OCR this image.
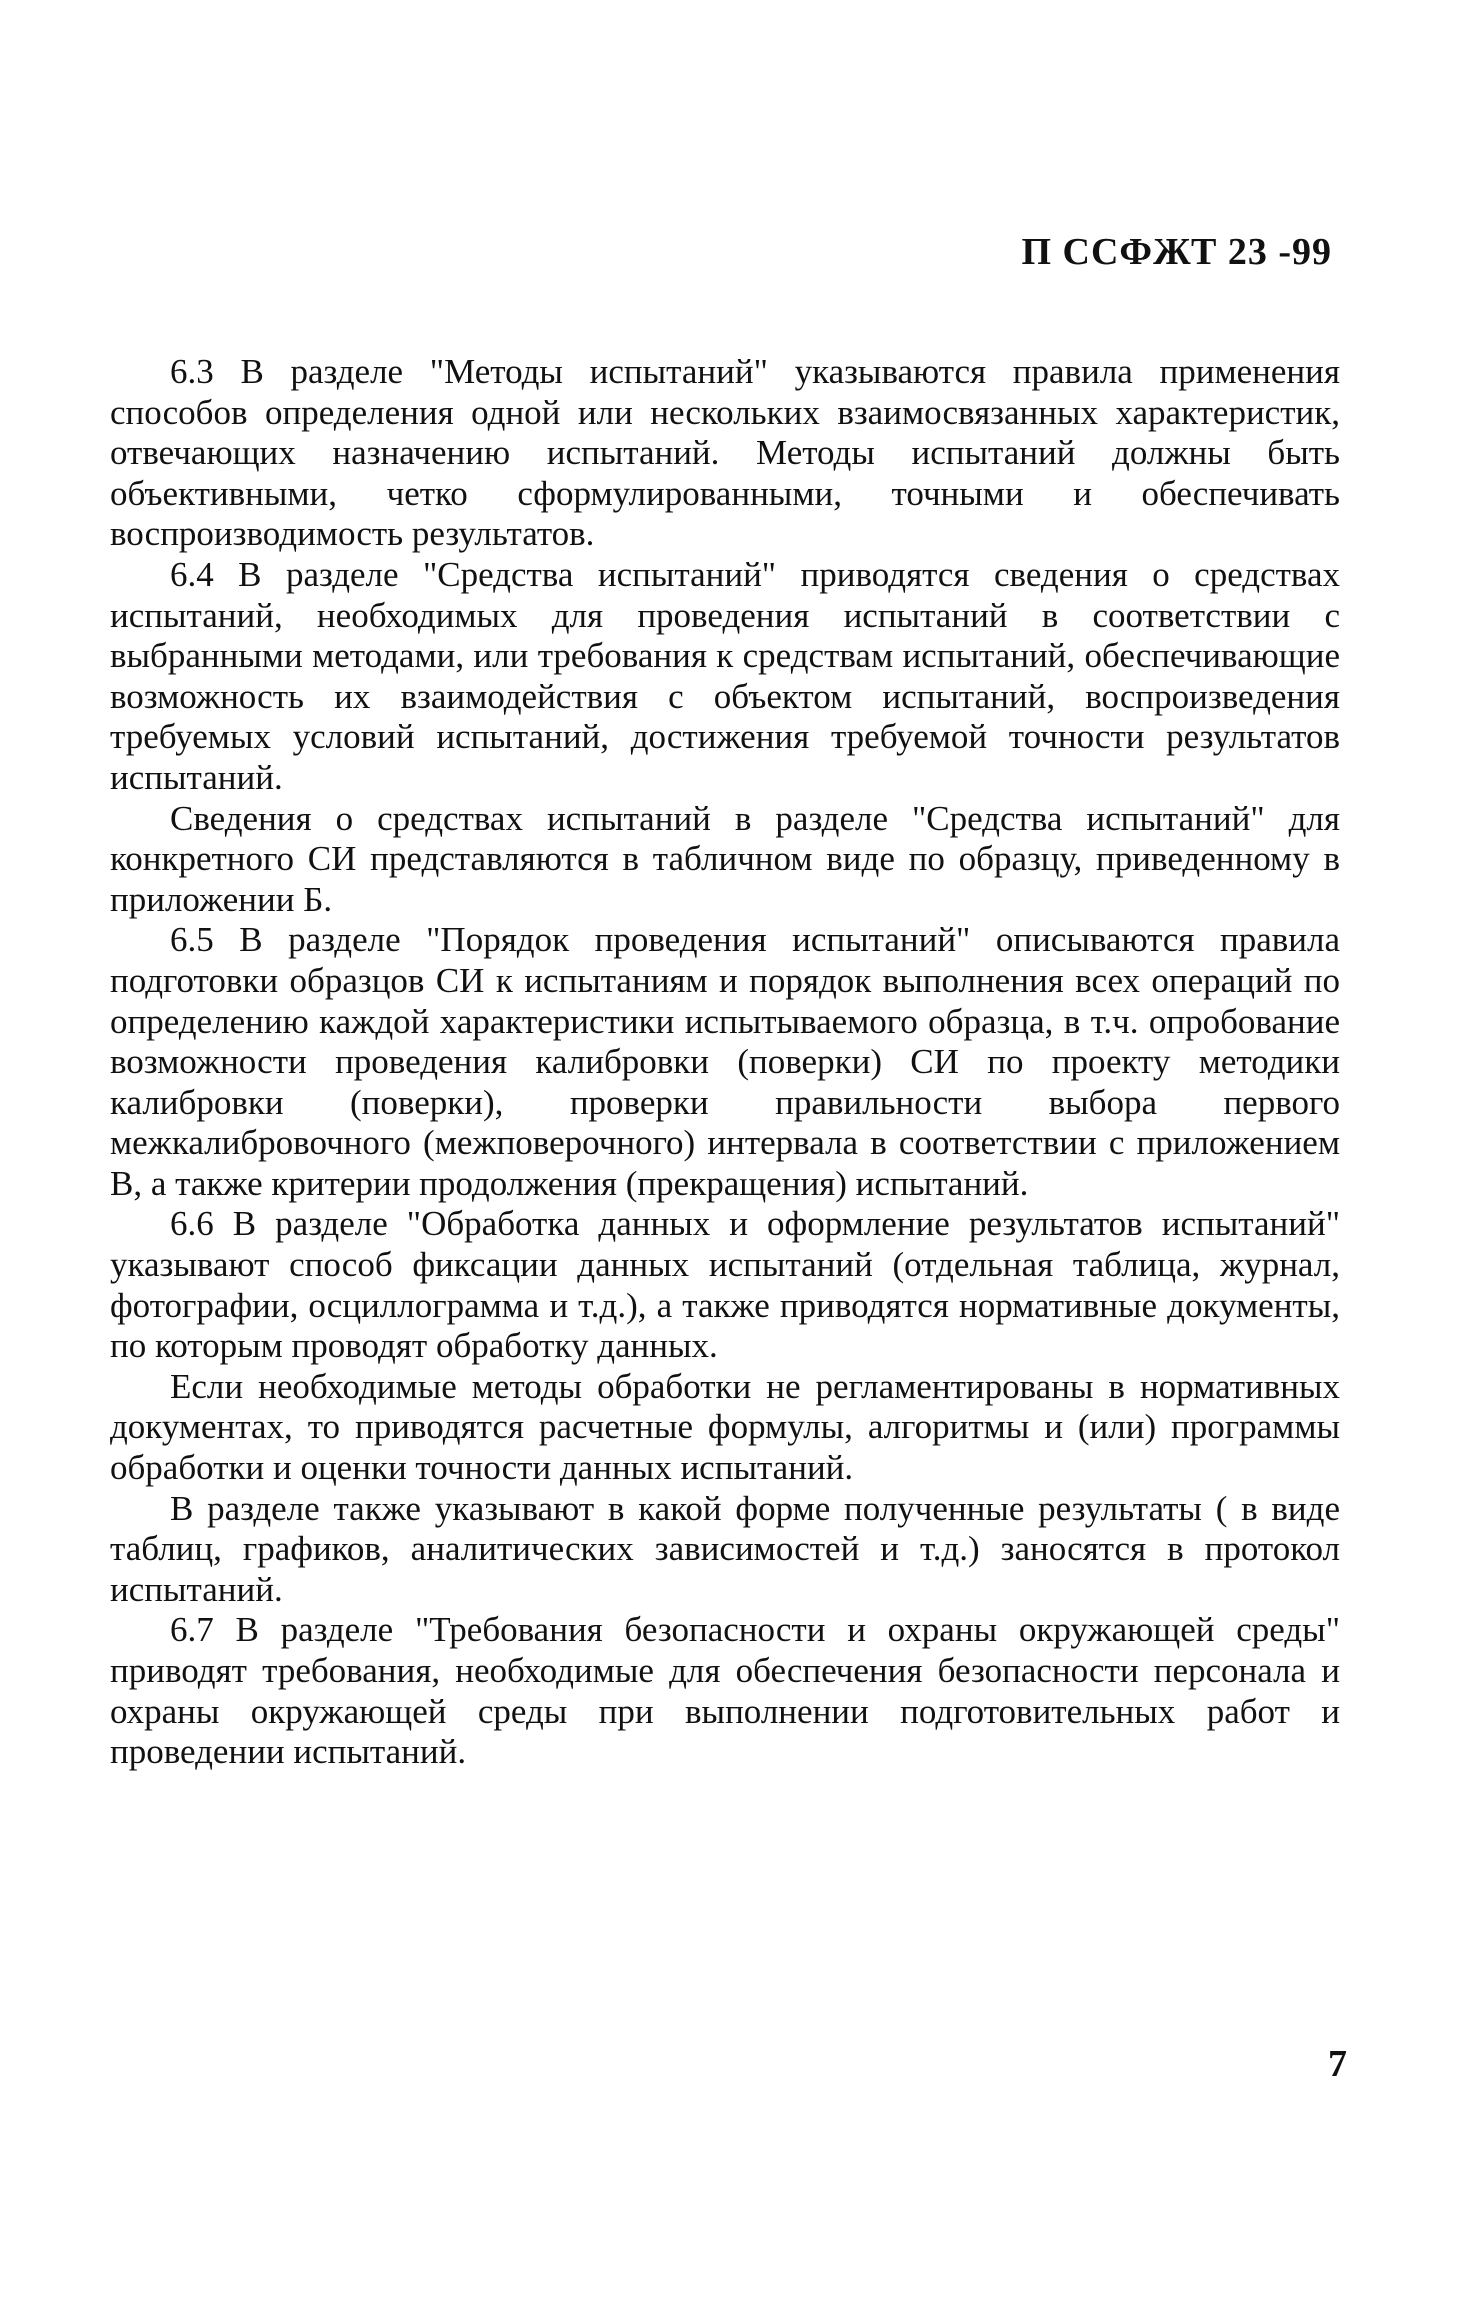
П ССФЖТ 23 -99

6.3 В разделе "Методы испытаний" указываются правила применения способов определения одной или нескольких взаимосвязанных характеристик, отвечающих назначению испытаний. Методы испытаний должны быть объективными, четко сформулированными, точными и обеспечивать воспроизводимость результатов.

6.4 В разделе "Средства испытаний" приводятся сведения о средствах испытаний, необходимых для проведения испытаний в соответствии с выбранными методами, или требования к средствам испытаний, обеспечивающие возможность их взаимодействия с объектом испытаний, воспроизведения требуемых условий испытаний, достижения требуемой точности результатов испытаний.

Сведения о средствах испытаний в разделе "Средства испытаний" для конкретного СИ представляются в табличном виде по образцу, приведенному в приложении Б.

6.5 В разделе "Порядок проведения испытаний" описываются правила подготовки образцов СИ к испытаниям и порядок выполнения всех операций по определению каждой характеристики испытываемого образца, в т.ч. опробование возможности проведения калибровки (поверки) СИ по проекту методики калибровки (поверки), проверки правильности выбора первого межкалибровочного (межповерочного) интервала в соответствии с приложением В, а также критерии продолжения (прекращения) испытаний.

6.6 В разделе "Обработка данных и оформление результатов испытаний" указывают способ фиксации данных испытаний (отдельная таблица, журнал, фотографии, осциллограмма и т.д.), а также приводятся нормативные документы, по которым проводят обработку данных.

Если необходимые методы обработки не регламентированы в нормативных документах, то приводятся расчетные формулы, алгоритмы и (или) программы обработки и оценки точности данных испытаний.

В разделе также указывают в какой форме полученные результаты ( в виде таблиц, графиков, аналитических зависимостей и т.д.) заносятся в протокол испытаний.

6.7 В разделе "Требования безопасности и охраны окружающей среды" приводят требования, необходимые для обеспечения безопасности персонала и охраны окружающей среды при выполнении подготовительных работ и проведении испытаний.

7
